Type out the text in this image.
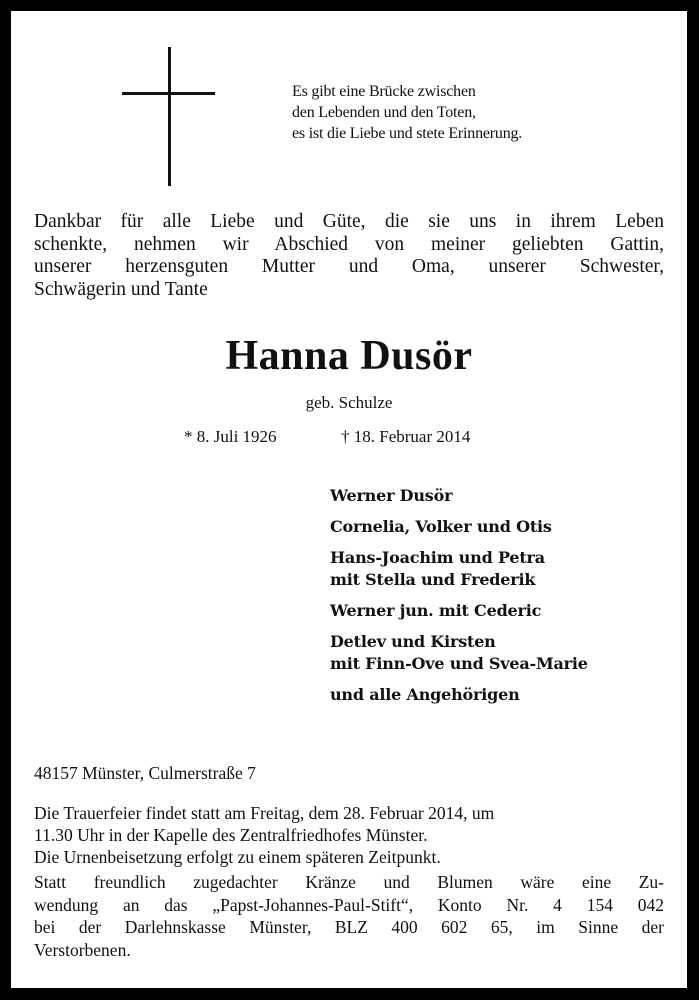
Es gibt eine Brücke zwischen
den Lebenden und den Toten,
es ist die Liebe und stete Erinnerung.
Dankbar für alle Liebe und Güte, die sie uns in ihrem Leben
schenkte, nehmen wir Abschied von meiner geliebten Gattin,
unserer herzensguten Mutter und Oma, unserer Schwester,
Schwägerin und Tante
Hanna Dusör
geb. Schulze
* 8. Juli 1926	† 18. Februar 2014
Werner Dusör
Cornelia, Volker und Otis
Hans-Joachim und Petra
mit Stella und Frederik
Werner jun. mit Cederic
Detlev und Kirsten
mit Finn-Ove und Svea-Marie
und alle Angehörigen
48157 Münster, Culmerstraße 7
Die Trauerfeier findet statt am Freitag, dem 28. Februar 2014, um
11.30 Uhr in der Kapelle des Zentralfriedhofes Münster.
Die Urnenbeisetzung erfolgt zu einem späteren Zeitpunkt.
Statt freundlich zugedachter Kränze und Blumen wäre eine Zu-
wendung an das „Papst-Johannes-Paul-Stift“, Konto Nr. 4 154 042
bei der Darlehnskasse Münster, BLZ 400 602 65, im Sinne der
Verstorbenen.
